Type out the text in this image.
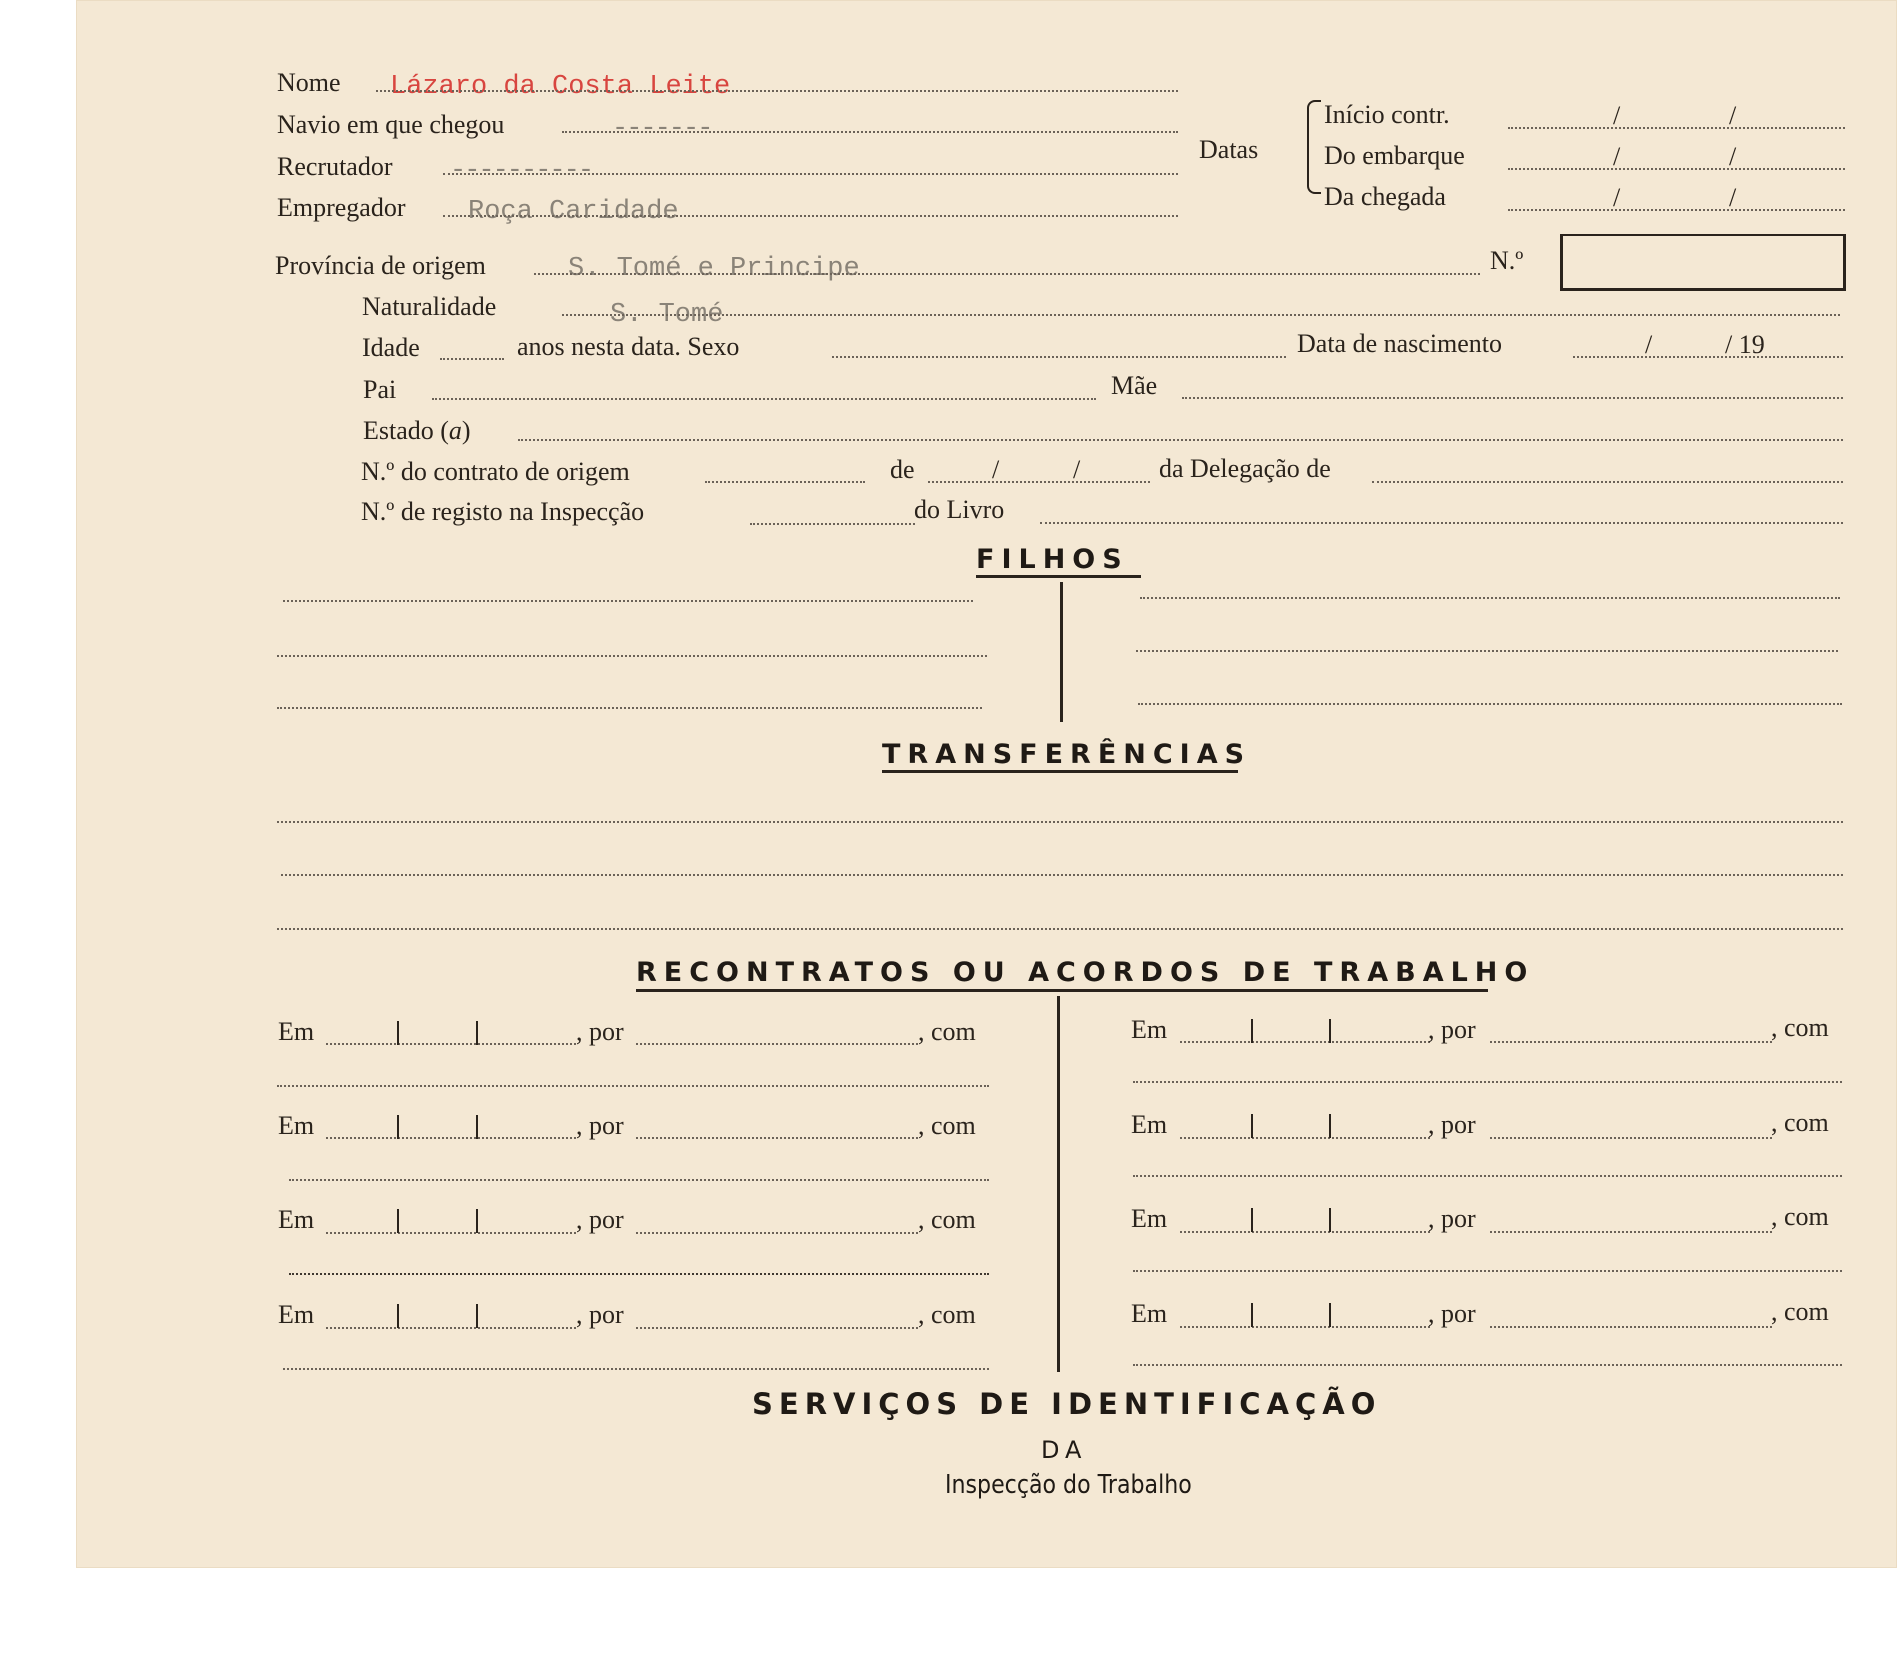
Nome Lázaro da Costa Leite
Navio em que chegou	-------
Recrutador ----------
Empregador Roça Caridade
Datas
Início contr.	/	/
Do embarque	/	/
Da chegada	/	/
Província de origem	S. Tomé e Principe	N.º
Naturalidade	S. Tomé
Idade	anos nesta data. Sexo	Data de nascimento	/	/ 19
Pai	Mãe
Estado (a)
N.º do contrato de origem	de	/	/	da Delegação de
N.º de registo na Inspecção	do Livro
FILHOS
TRANSFERÊNCIAS
RECONTRATOS OU ACORDOS DE TRABALHO
Em	, por	, com
Em	, por	, com
Em	, por	, com
Em	, por	, com
Em	, por	, com
Em	, por	, com
Em	, por	, com
Em	, por	, com
SERVIÇOS DE IDENTIFICAÇÃO
DA
Inspecção do Trabalho
